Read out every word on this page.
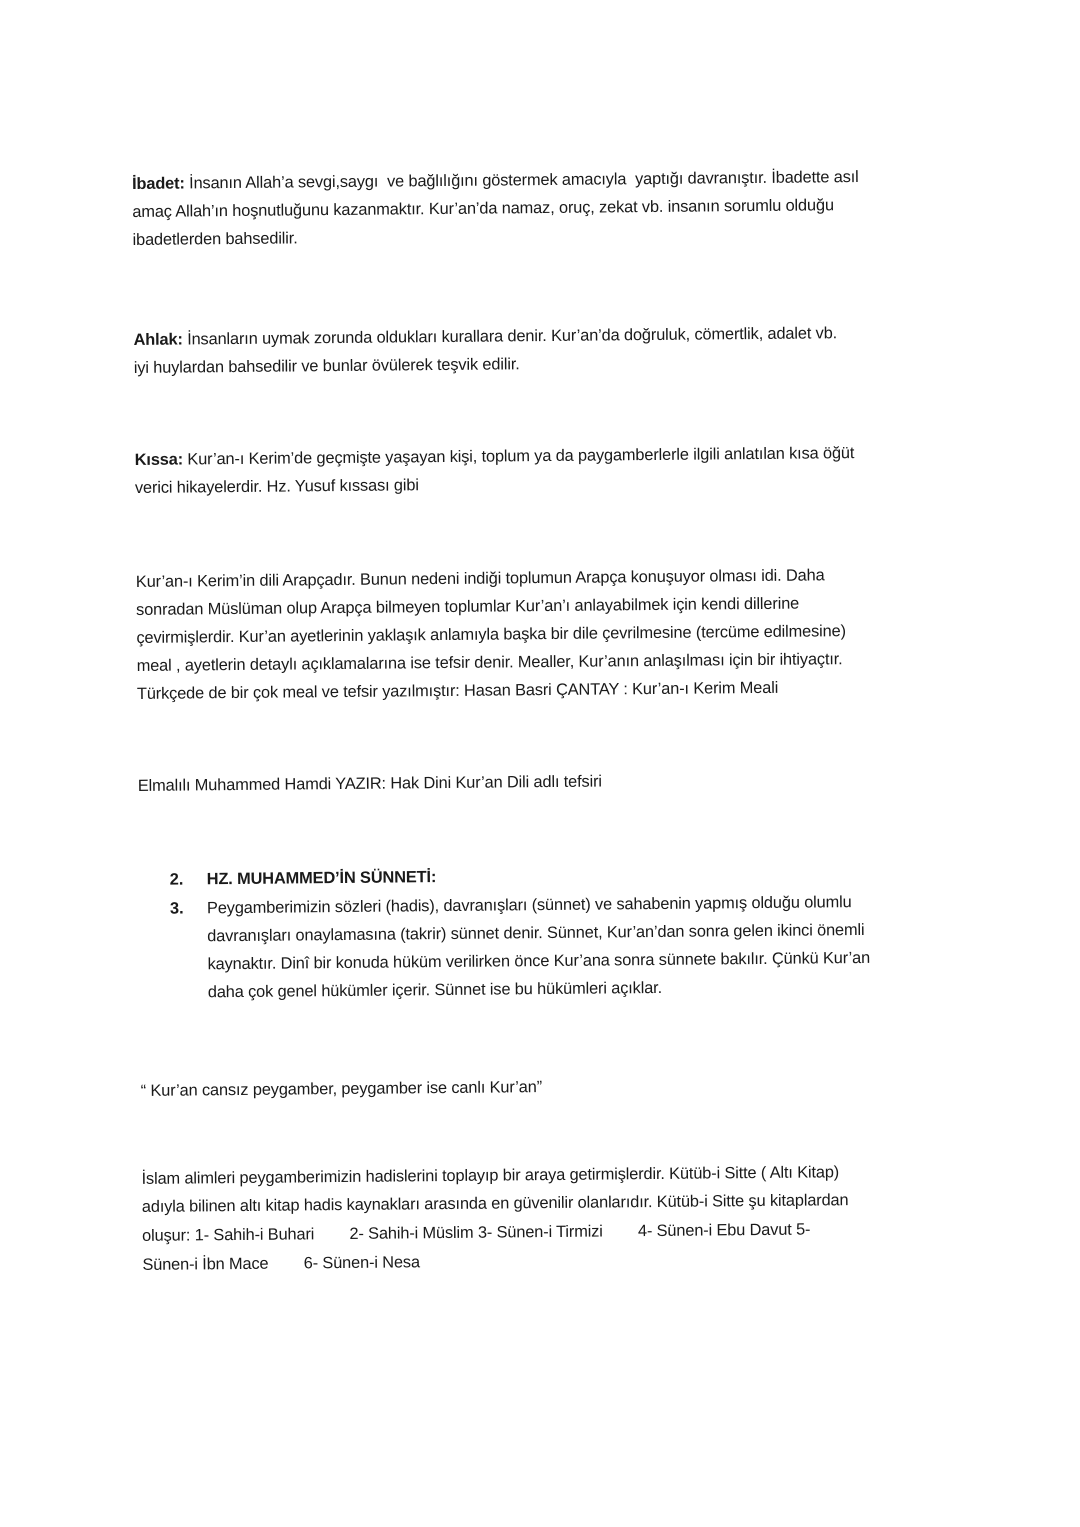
İbadet: İnsanın Allah’a sevgi,saygı  ve bağlılığını göstermek amacıyla  yaptığı davranıştır. İbadette asıl
amaç Allah’ın hoşnutluğunu kazanmaktır. Kur’an’da namaz, oruç, zekat vb. insanın sorumlu olduğu
ibadetlerden bahsedilir.
Ahlak: İnsanların uymak zorunda oldukları kurallara denir. Kur’an’da doğruluk, cömertlik, adalet vb.
iyi huylardan bahsedilir ve bunlar övülerek teşvik edilir.
Kıssa: Kur’an-ı Kerim’de geçmişte yaşayan kişi, toplum ya da paygamberlerle ilgili anlatılan kısa öğüt
verici hikayelerdir. Hz. Yusuf kıssası gibi
Kur’an-ı Kerim’in dili Arapçadır. Bunun nedeni indiği toplumun Arapça konuşuyor olması idi. Daha
sonradan Müslüman olup Arapça bilmeyen toplumlar Kur’an’ı anlayabilmek için kendi dillerine
çevirmişlerdir. Kur’an ayetlerinin yaklaşık anlamıyla başka bir dile çevrilmesine (tercüme edilmesine)
meal , ayetlerin detaylı açıklamalarına ise tefsir denir. Mealler, Kur’anın anlaşılması için bir ihtiyaçtır.
Türkçede de bir çok meal ve tefsir yazılmıştır: Hasan Basri ÇANTAY : Kur’an-ı Kerim Meali
Elmalılı Muhammed Hamdi YAZIR: Hak Dini Kur’an Dili adlı tefsiri
2. HZ. MUHAMMED’İN SÜNNETİ:
3. Peygamberimizin sözleri (hadis), davranışları (sünnet) ve sahabenin yapmış olduğu olumlu
davranışları onaylamasına (takrir) sünnet denir. Sünnet, Kur’an’dan sonra gelen ikinci önemli
kaynaktır. Dinî bir konuda hüküm verilirken önce Kur’ana sonra sünnete bakılır. Çünkü Kur’an
daha çok genel hükümler içerir. Sünnet ise bu hükümleri açıklar.
“ Kur’an cansız peygamber, peygamber ise canlı Kur’an”
İslam alimleri peygamberimizin hadislerini toplayıp bir araya getirmişlerdir. Kütüb-i Sitte ( Altı Kitap)
adıyla bilinen altı kitap hadis kaynakları arasında en güvenilir olanlarıdır. Kütüb-i Sitte şu kitaplardan
oluşur: 1- Sahih-i Buhari        2- Sahih-i Müslim 3- Sünen-i Tirmizi        4- Sünen-i Ebu Davut 5-
Sünen-i İbn Mace        6- Sünen-i Nesa
